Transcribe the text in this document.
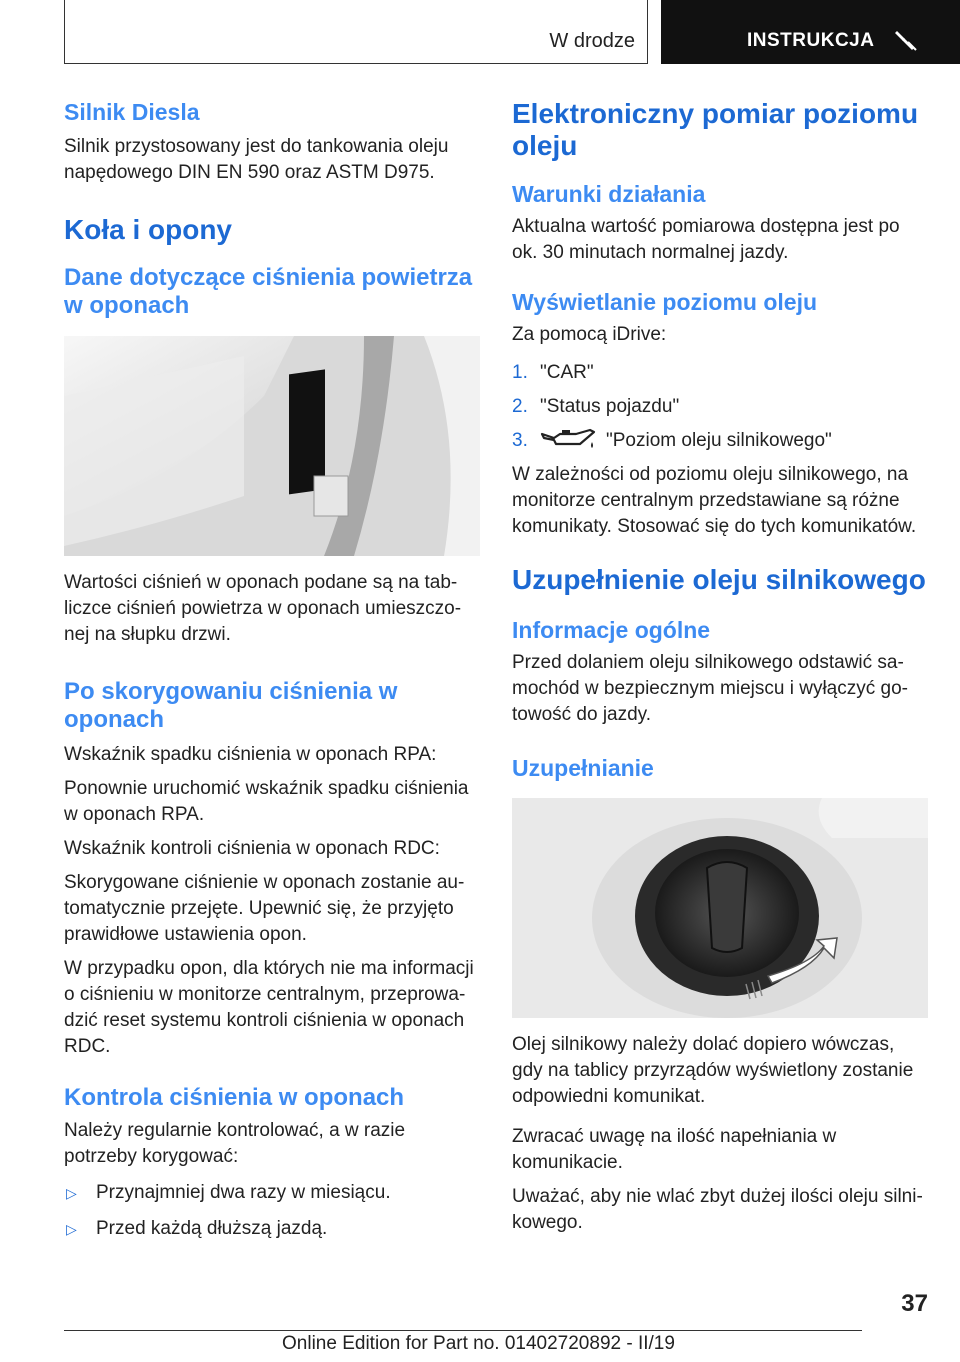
W drodze	INSTRUKCJA
Silnik Diesla

Silnik przystosowany jest do tankowania oleju napędowego DIN EN 590 oraz ASTM D975.

Koła i opony
Dane dotyczące ciśnienia powietrza w oponach

Wartości ciśnień w oponach podane są na tabliczce ciśnień powietrza w oponach umieszczonej na słupku drzwi.

Po skorygowaniu ciśnienia w oponach

Wskaźnik spadku ciśnienia w oponach RPA:

Ponownie uruchomić wskaźnik spadku ciśnienia w oponach RPA.

Wskaźnik kontroli ciśnienia w oponach RDC:

Skorygowane ciśnienie w oponach zostanie automatycznie przejęte. Upewnić się, że przyjęto prawidłowe ustawienia opon.

W przypadku opon, dla których nie ma informacji o ciśnieniu w monitorze centralnym, przeprowadzić reset systemu kontroli ciśnienia w oponach RDC.

Kontrola ciśnienia w oponach

Należy regularnie kontrolować, a w razie potrzeby korygować:

▷	Przynajmniej dwa razy w miesiącu.
▷	Przed każdą dłuższą jazdą.
Elektroniczny pomiar poziomu oleju
Warunki działania

Aktualna wartość pomiarowa dostępna jest po ok. 30 minutach normalnej jazdy.

Wyświetlanie poziomu oleju

Za pomocą iDrive:

1. "CAR"
2. "Status pojazdu"
3.	"Poziom oleju silnikowego"

W zależności od poziomu oleju silnikowego, na monitorze centralnym przedstawiane są różne komunikaty. Stosować się do tych komunikatów.

Uzupełnienie oleju silnikowego
Informacje ogólne

Przed dolaniem oleju silnikowego odstawić samochód w bezpiecznym miejscu i wyłączyć gotowość do jazdy.

Uzupełnianie

Olej silnikowy należy dolać dopiero wówczas, gdy na tablicy przyrządów wyświetlony zostanie odpowiedni komunikat.

Zwracać uwagę na ilość napełniania w komunikacie.

Uważać, aby nie wlać zbyt dużej ilości oleju silnikowego.

37
Online Edition for Part no. 01402720892 - II/19
